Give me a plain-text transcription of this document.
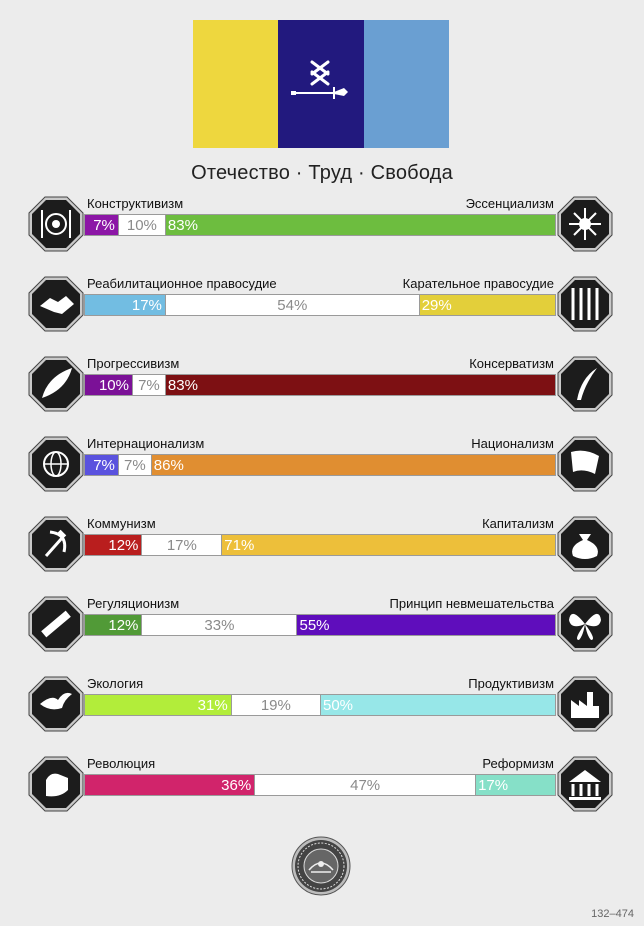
Отечество · Труд · Свобода
Конструктивизм	Эссенциализм
7% 10% 83%
Реабилитационное правосудие	Карательное правосудие
17%	54%	29%
Прогрессивизм	Консерватизм
10% 7% 83%
Интернационализм	Национализм
7% 7% 86%
Коммунизм	Капитализм
12%	17%	71%
Регуляционизм	Принцип невмешательства
12%	33%	55%
Экология	Продуктивизм
31%	19%	50%
Революция	Реформизм
36%	47%	17%
132–474
